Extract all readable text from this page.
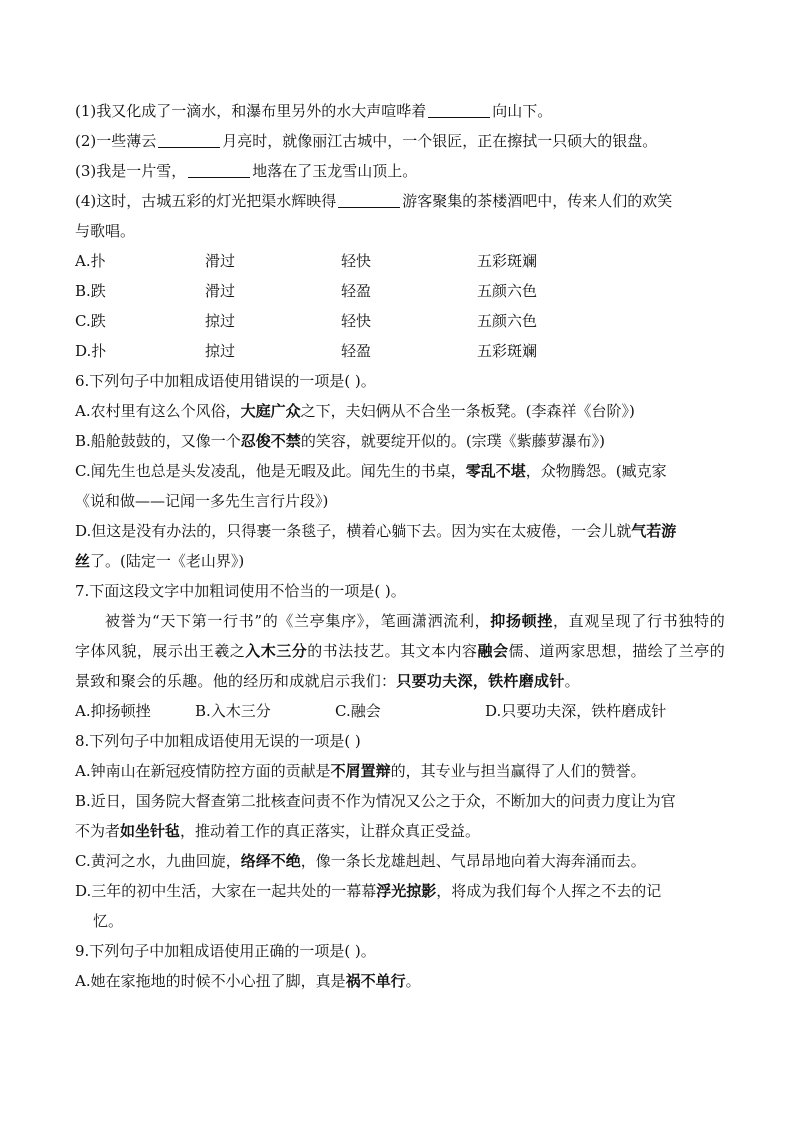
(1)我又化成了一滴水，和瀑布里另外的水大声喧哗着	向山下。
(2)一些薄云	月亮时，就像丽江古城中，一个银匠，正在擦拭一只硕大的银盘。
(3)我是一片雪，	地落在了玉龙雪山顶上。
(4)这时，古城五彩的灯光把渠水辉映得	游客聚集的茶楼酒吧中，传来人们的欢笑
与歌唱。
A.扑	滑过	轻快	五彩斑斓
B.跌	滑过	轻盈	五颜六色
C.跌	掠过	轻快	五颜六色
D.扑	掠过	轻盈	五彩斑斓
6.下列句子中加粗成语使用错误的一项是( )。
A.农村里有这么个风俗，大庭广众之下，夫妇俩从不合坐一条板凳。(李森祥《台阶》)
B.船舱鼓鼓的，又像一个忍俊不禁的笑容，就要绽开似的。(宗璞《紫藤萝瀑布》)
C.闻先生也总是头发凌乱，他是无暇及此。闻先生的书桌，零乱不堪，众物腾怨。(臧克家
《说和做——记闻一多先生言行片段》)
D.但这是没有办法的，只得裹一条毯子，横着心躺下去。因为实在太疲倦，一会儿就气若游
丝了。(陆定一《老山界》)
7.下面这段文字中加粗词使用不恰当的一项是( )。
被誉为“天下第一行书”的《兰亭集序》，笔画潇洒流利，抑扬顿挫，直观呈现了行书独特的字体风貌，展示出王羲之入木三分的书法技艺。其文本内容融会儒、道两家思想，描绘了兰亭的景致和聚会的乐趣。他的经历和成就启示我们：只要功夫深，铁杵磨成针。
A.抑扬顿挫	B.入木三分	C.融会	D.只要功夫深，铁杵磨成针
8.下列句子中加粗成语使用无误的一项是( )
A.钟南山在新冠疫情防控方面的贡献是不屑置辩的，其专业与担当赢得了人们的赞誉。
B.近日，国务院大督查第二批核查问责不作为情况又公之于众，不断加大的问责力度让为官
不为者如坐针毡，推动着工作的真正落实，让群众真正受益。
C.黄河之水，九曲回旋，络绎不绝，像一条长龙雄赳赳、气昂昂地向着大海奔涌而去。
D.三年的初中生活，大家在一起共处的一幕幕浮光掠影，将成为我们每个人挥之不去的记
忆。
9.下列句子中加粗成语使用正确的一项是( )。
A.她在家拖地的时候不小心扭了脚，真是祸不单行。
